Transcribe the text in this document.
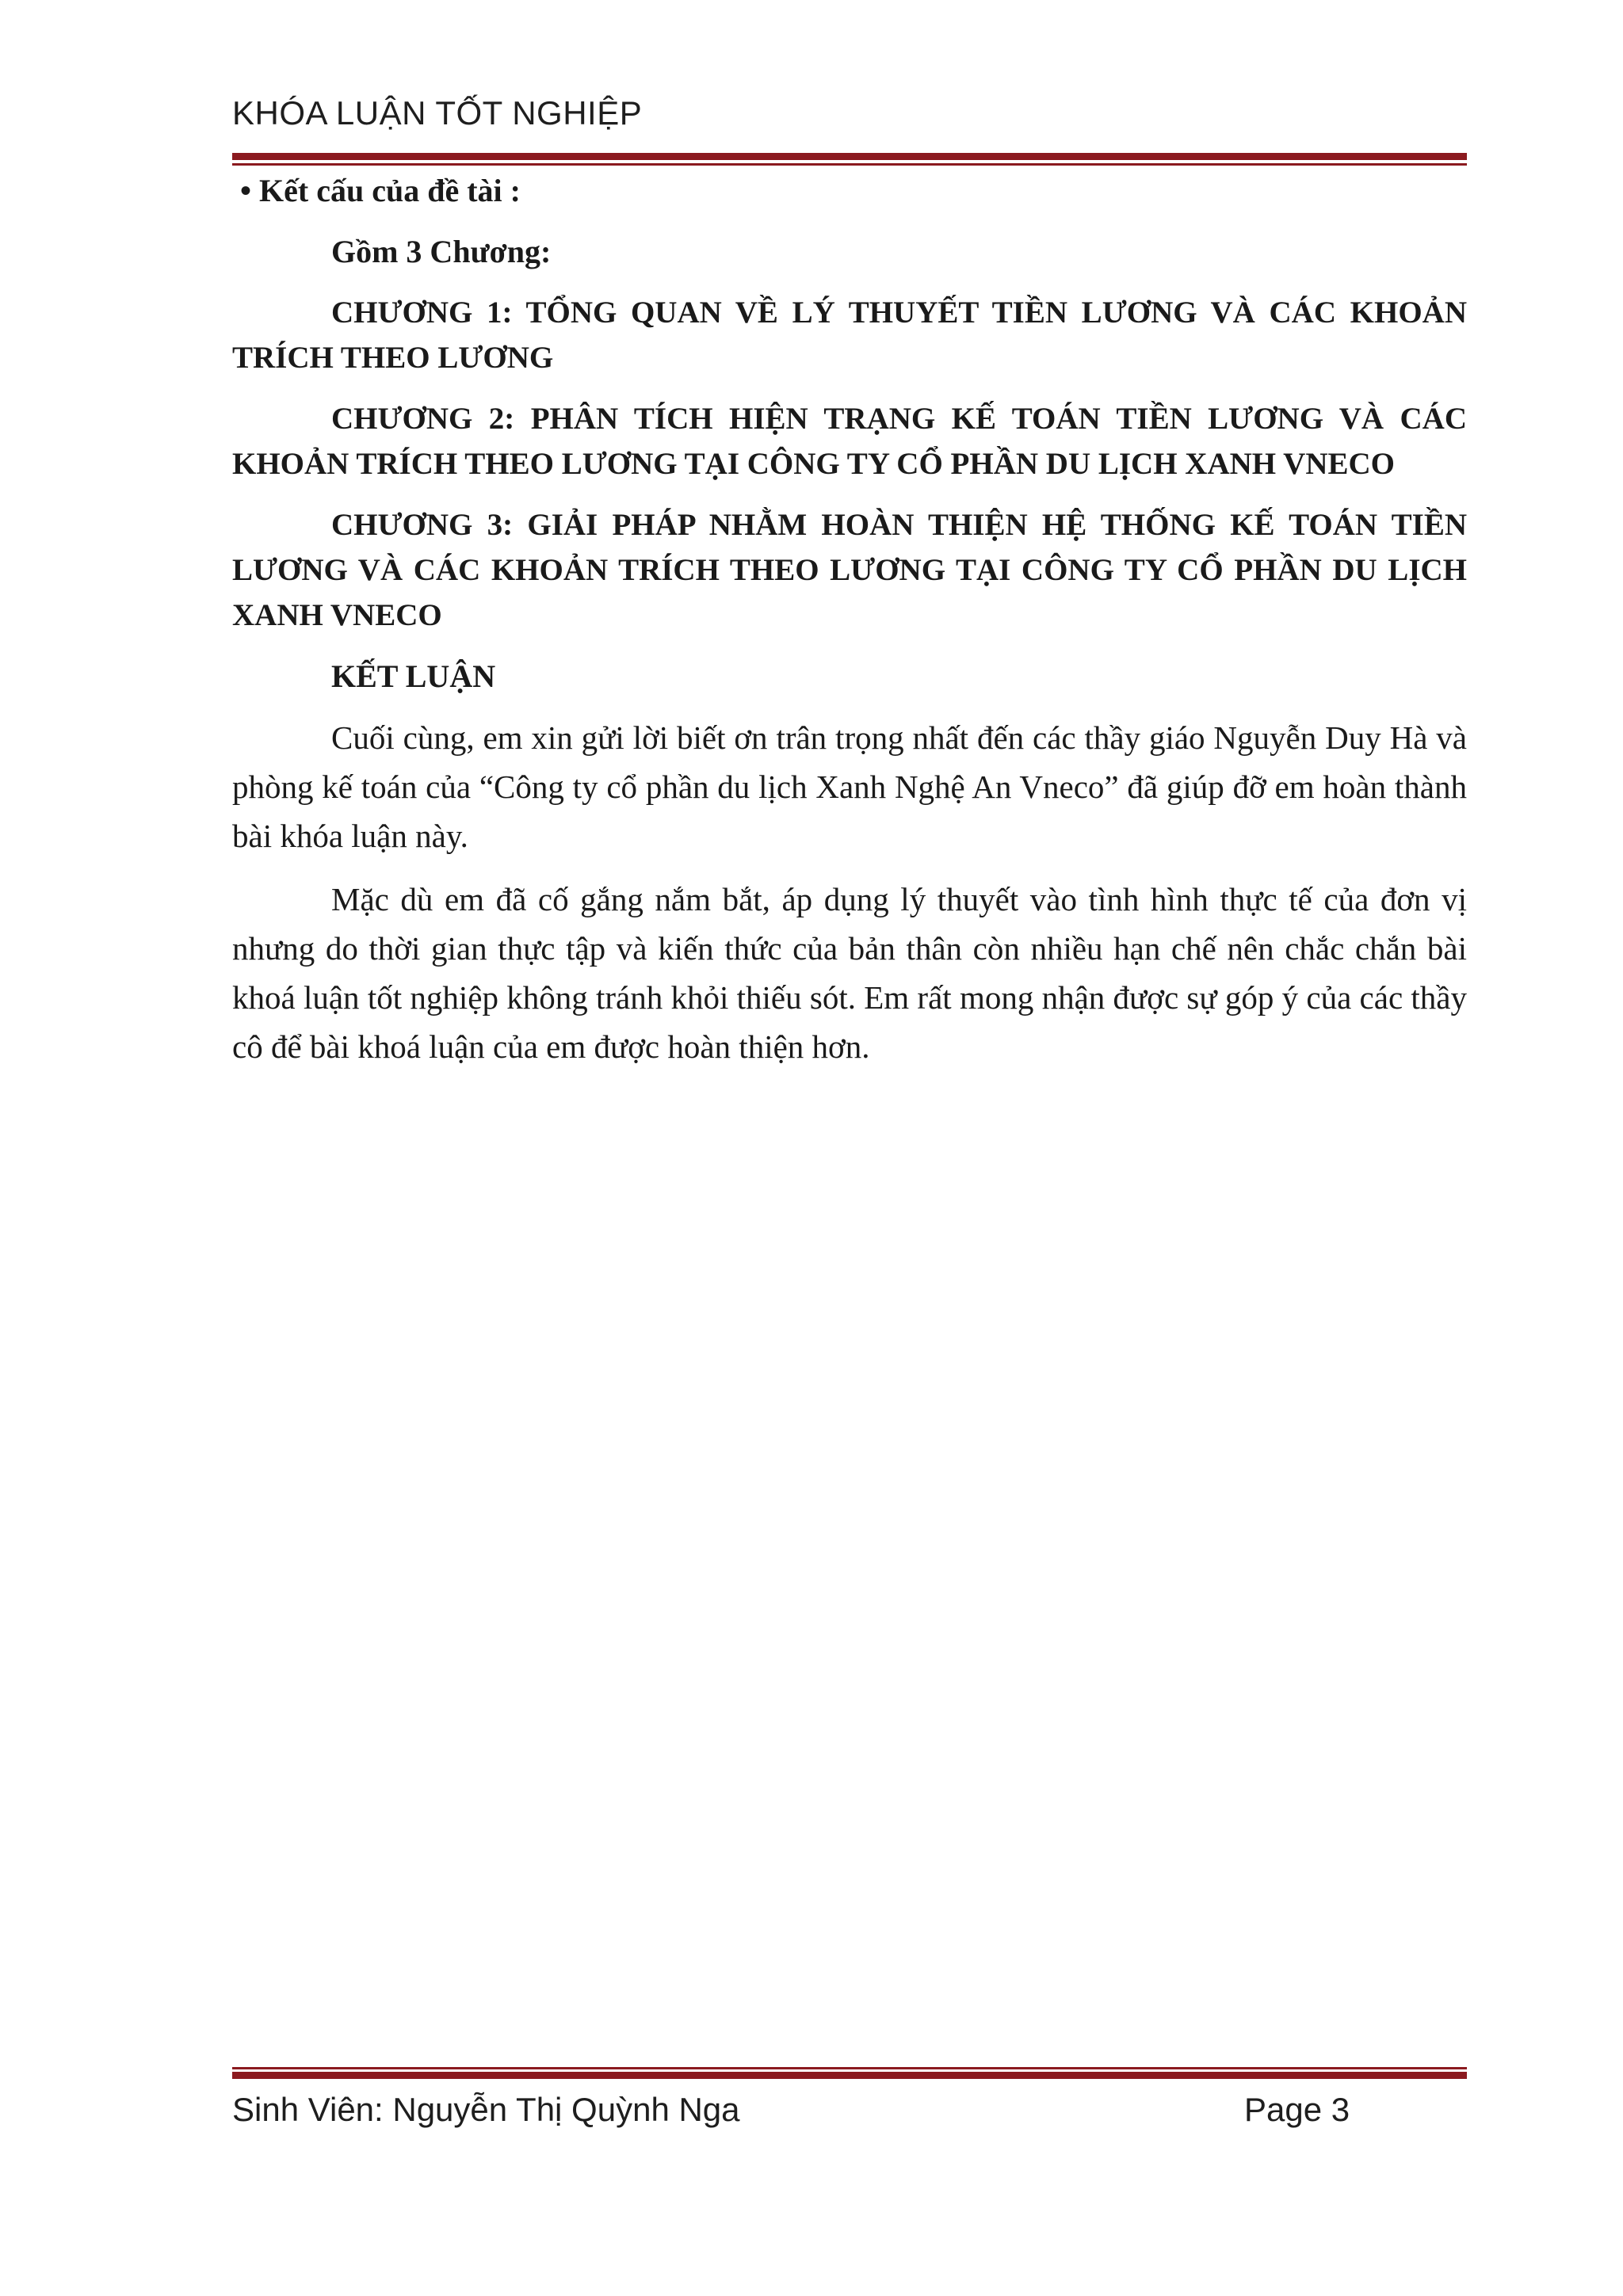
KHÓA LUẬN TỐT NGHIỆP

• Kết cấu của đề tài :

Gồm 3 Chương:

CHƯƠNG 1: TỔNG QUAN VỀ LÝ THUYẾT TIỀN LƯƠNG VÀ CÁC KHOẢN TRÍCH THEO LƯƠNG

CHƯƠNG 2: PHÂN TÍCH HIỆN TRẠNG KẾ TOÁN TIỀN LƯƠNG VÀ CÁC KHOẢN TRÍCH THEO LƯƠNG TẠI CÔNG TY CỔ PHẦN DU LỊCH XANH VNECO

CHƯƠNG 3: GIẢI PHÁP NHẰM HOÀN THIỆN HỆ THỐNG KẾ TOÁN TIỀN LƯƠNG VÀ CÁC KHOẢN TRÍCH THEO LƯƠNG TẠI CÔNG TY CỔ PHẦN DU LỊCH XANH VNECO

KẾT LUẬN

Cuối cùng, em xin gửi lời biết ơn trân trọng nhất đến các thầy giáo Nguyễn Duy Hà và phòng kế toán của “Công ty cổ phần du lịch Xanh Nghệ An Vneco” đã giúp đỡ em hoàn thành bài khóa luận này.

Mặc dù em đã cố gắng nắm bắt, áp dụng lý thuyết vào tình hình thực tế của đơn vị nhưng do thời gian thực tập và kiến thức của bản thân còn nhiều hạn chế nên chắc chắn bài khoá luận tốt nghiệp không tránh khỏi thiếu sót. Em rất mong nhận được sự góp ý của các thầy cô để bài khoá luận của em được hoàn thiện hơn.

Sinh Viên: Nguyễn Thị Quỳnh Nga	Page 3
